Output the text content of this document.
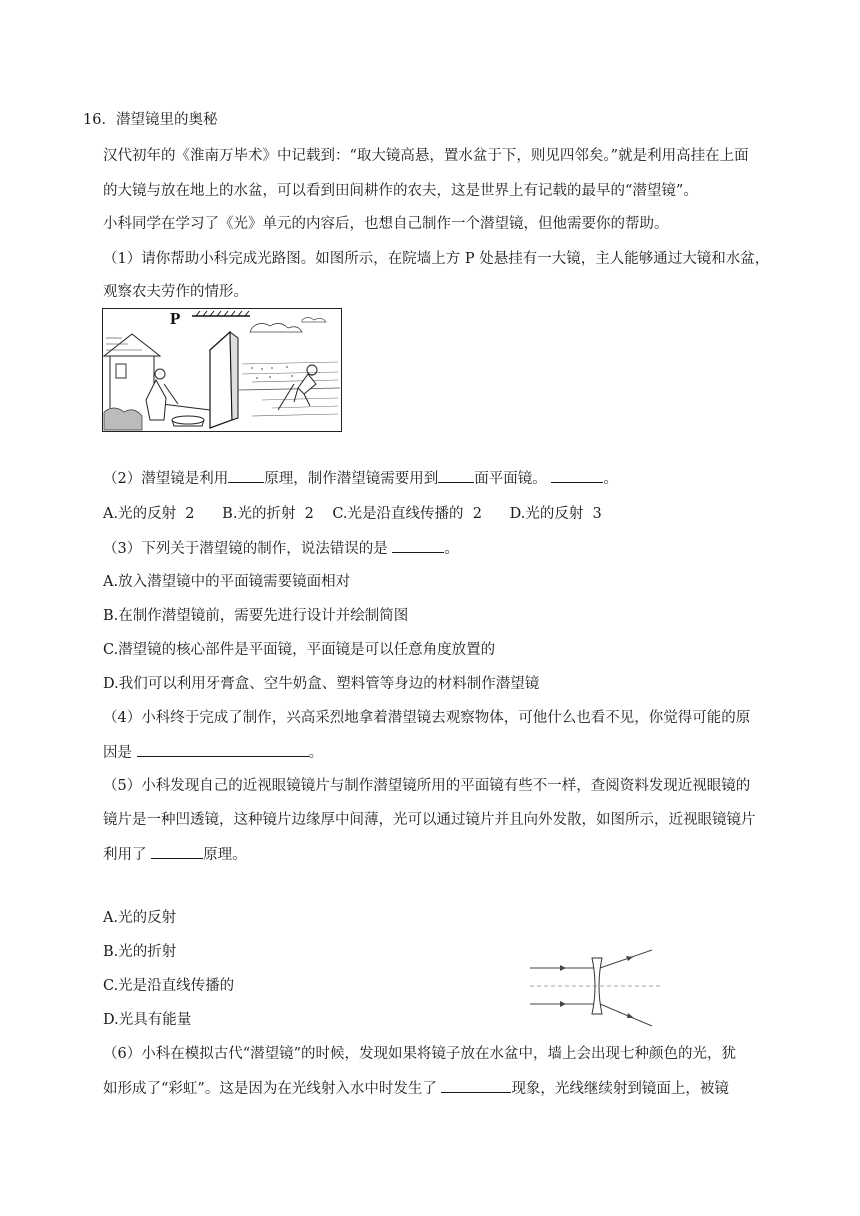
16．潜望镜里的奥秘
汉代初年的《淮南万毕术》中记载到：“取大镜高悬，置水盆于下，则见四邻矣。”就是利用高挂在上面
的大镜与放在地上的水盆，可以看到田间耕作的农夫，这是世界上有记载的最早的“潜望镜”。
小科同学在学习了《光》单元的内容后，也想自己制作一个潜望镜，但他需要你的帮助。
（1）请你帮助小科完成光路图。如图所示，在院墙上方 P 处悬挂有一大镜，主人能够通过大镜和水盆，
观察农夫劳作的情形。
P
（2）潜望镜是利用 原理，制作潜望镜需要用到 面平面镜。	。
A.光的反射  2      B.光的折射  2    C.光是沿直线传播的  2      D.光的反射  3
（3）下列关于潜望镜的制作，说法错误的是	。
A.放入潜望镜中的平面镜需要镜面相对
B.在制作潜望镜前，需要先进行设计并绘制简图
C.潜望镜的核心部件是平面镜，平面镜是可以任意角度放置的
D.我们可以利用牙膏盒、空牛奶盒、塑料管等身边的材料制作潜望镜
（4）小科终于完成了制作，兴高采烈地拿着潜望镜去观察物体，可他什么也看不见，你觉得可能的原
因是	。
（5）小科发现自己的近视眼镜镜片与制作潜望镜所用的平面镜有些不一样，查阅资料发现近视眼镜的
镜片是一种凹透镜，这种镜片边缘厚中间薄，光可以通过镜片并且向外发散，如图所示，近视眼镜镜片
利用了	原理。
A.光的反射
B.光的折射
C.光是沿直线传播的
D.光具有能量
（6）小科在模拟古代“潜望镜”的时候，发现如果将镜子放在水盆中，墙上会出现七种颜色的光，犹
如形成了“彩虹”。这是因为在光线射入水中时发生了	现象，光线继续射到镜面上，被镜
